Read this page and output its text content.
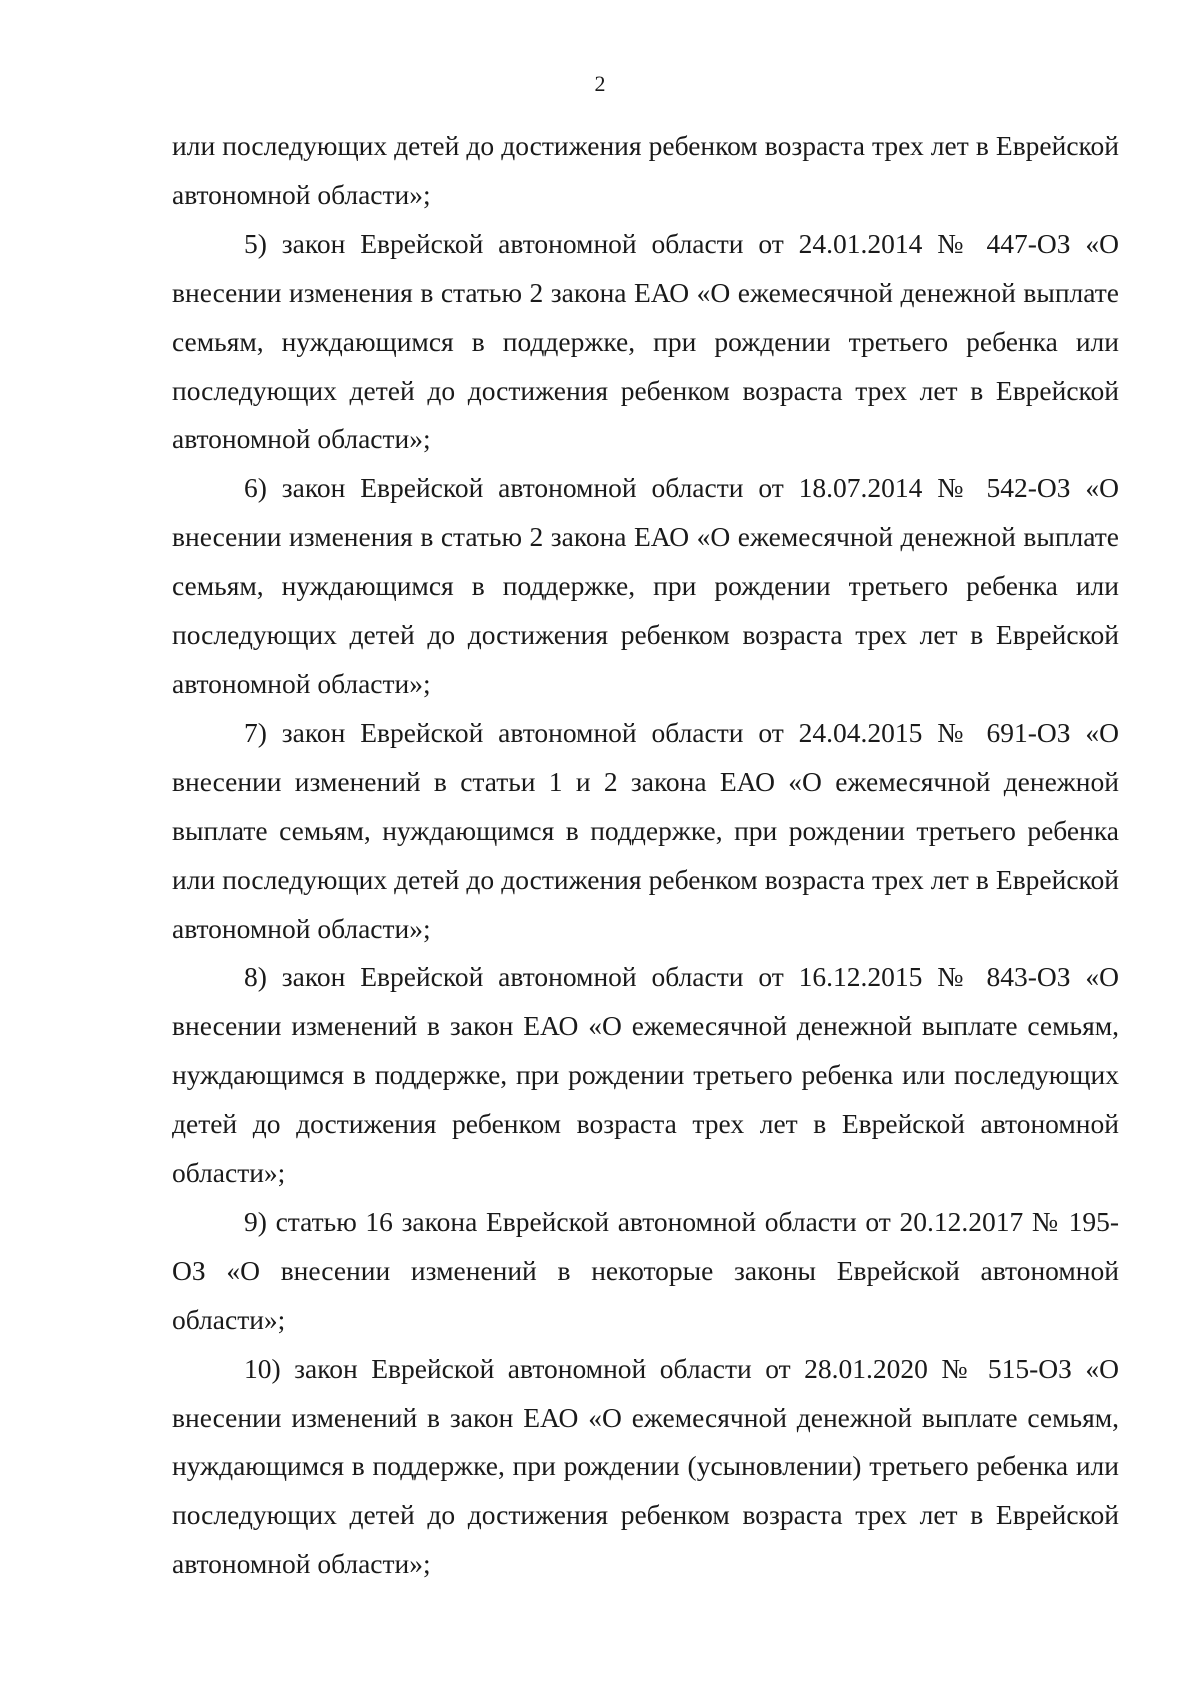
2

или последующих детей до достижения ребенком возраста трех лет в Еврейской автономной области»;

5) закон Еврейской автономной области от 24.01.2014 № 447-ОЗ «О внесении изменения в статью 2 закона ЕАО «О ежемесячной денежной выплате семьям, нуждающимся в поддержке, при рождении третьего ребенка или последующих детей до достижения ребенком возраста трех лет в Еврейской автономной области»;

6) закон Еврейской автономной области от 18.07.2014 № 542-ОЗ «О внесении изменения в статью 2 закона ЕАО «О ежемесячной денежной выплате семьям, нуждающимся в поддержке, при рождении третьего ребенка или последующих детей до достижения ребенком возраста трех лет в Еврейской автономной области»;

7) закон Еврейской автономной области от 24.04.2015 № 691-ОЗ «О внесении изменений в статьи 1 и 2 закона ЕАО «О ежемесячной денежной выплате семьям, нуждающимся в поддержке, при рождении третьего ребенка или последующих детей до достижения ребенком возраста трех лет в Еврейской автономной области»;

8) закон Еврейской автономной области от 16.12.2015 № 843-ОЗ «О внесении изменений в закон ЕАО «О ежемесячной денежной выплате семьям, нуждающимся в поддержке, при рождении третьего ребенка или последующих детей до достижения ребенком возраста трех лет в Еврейской автономной области»;

9) статью 16 закона Еврейской автономной области от 20.12.2017 № 195-ОЗ «О внесении изменений в некоторые законы Еврейской автономной области»;

10) закон Еврейской автономной области от 28.01.2020 № 515-ОЗ «О внесении изменений в закон ЕАО «О ежемесячной денежной выплате семьям, нуждающимся в поддержке, при рождении (усыновлении) третьего ребенка или последующих детей до достижения ребенком возраста трех лет в Еврейской автономной области»;
